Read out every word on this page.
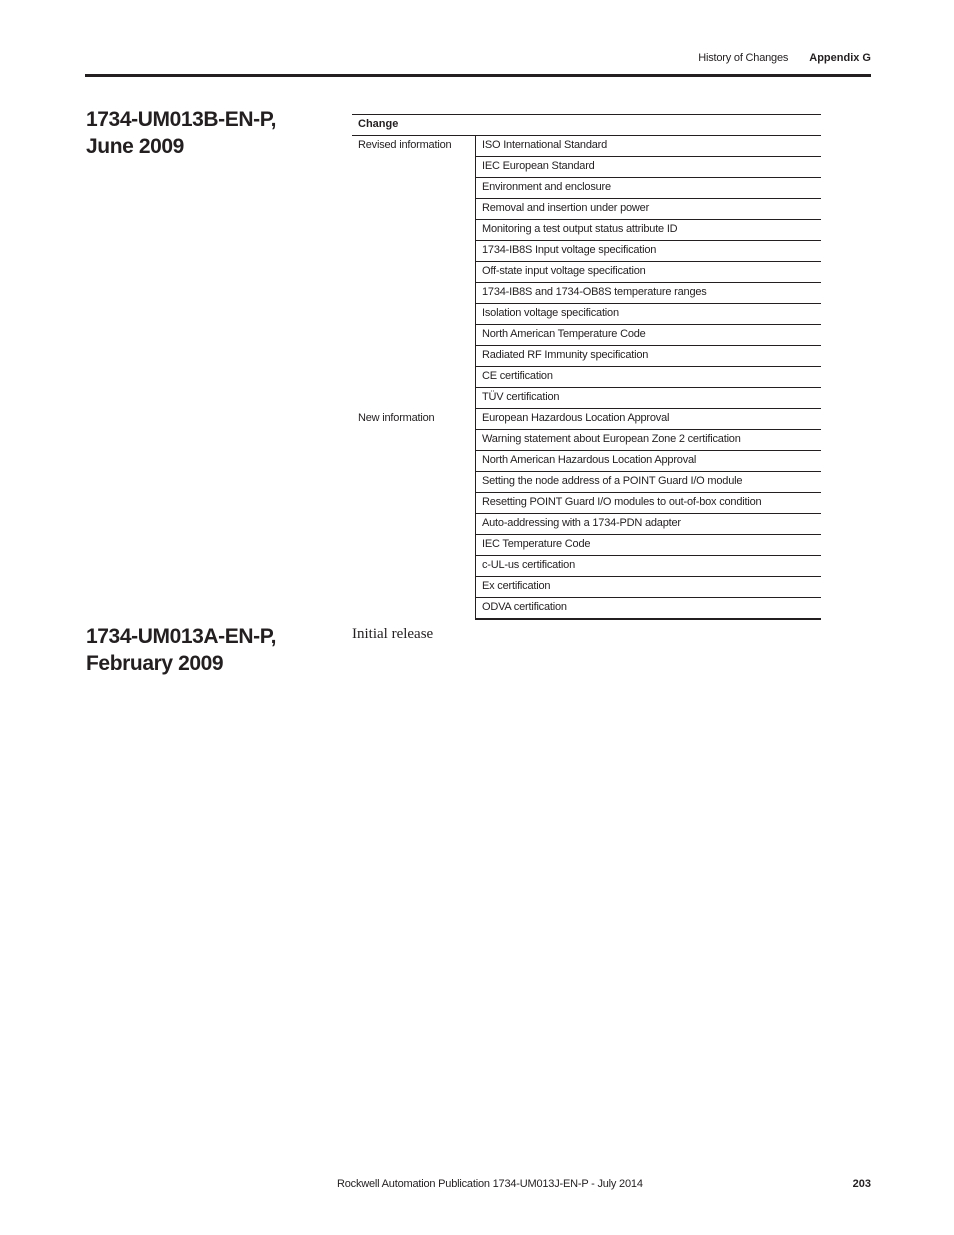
History of Changes Appendix G
1734-UM013B-EN-P,
June 2009
Change	
Revised information	ISO International Standard
	IEC European Standard
	Environment and enclosure
	Removal and insertion under power
	Monitoring a test output status attribute ID
	1734-IB8S Input voltage specification
	Off-state input voltage specification
	1734-IB8S and 1734-OB8S temperature ranges
	Isolation voltage specification
	North American Temperature Code
	Radiated RF Immunity specification
	CE certification
	TÜV certification
New information	European Hazardous Location Approval
	Warning statement about European Zone 2 certification
	North American Hazardous Location Approval
	Setting the node address of a POINT Guard I/O module
	Resetting POINT Guard I/O modules to out-of-box condition
	Auto-addressing with a 1734-PDN adapter
	IEC Temperature Code
	c-UL-us certification
	Ex certification
	ODVA certification
1734-UM013A-EN-P,
February 2009
Initial release
Rockwell Automation Publication 1734-UM013J-EN-P - July 2014	203
